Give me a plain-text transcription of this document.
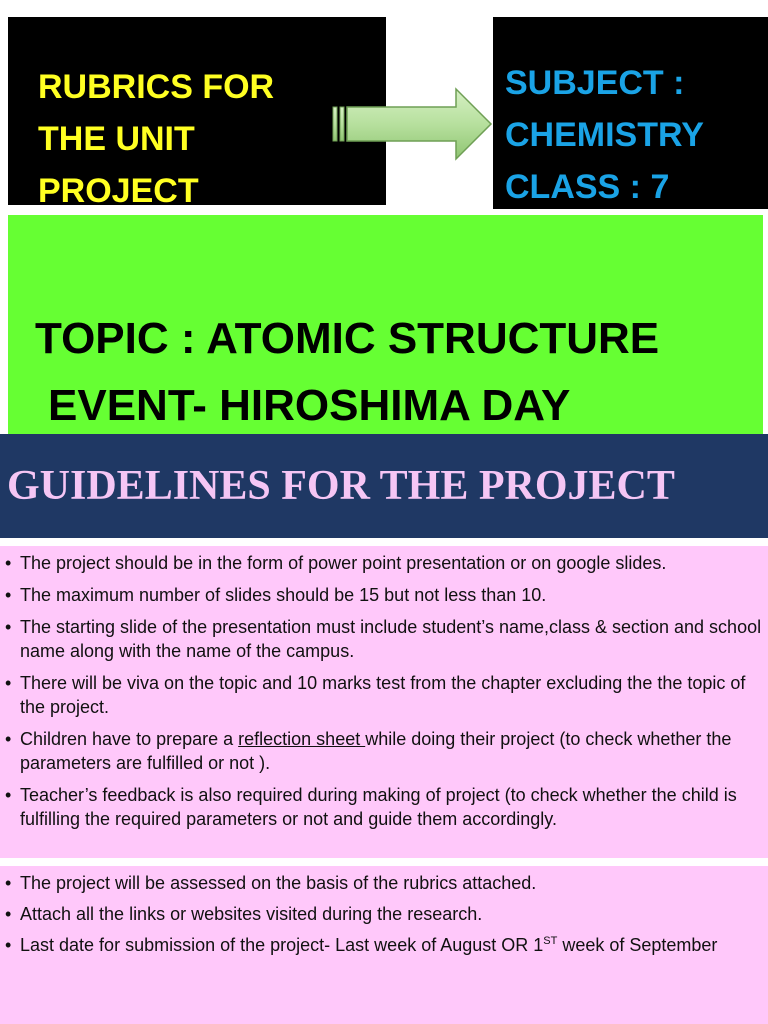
RUBRICS FOR
THE UNIT
PROJECT
SUBJECT :
CHEMISTRY
CLASS : 7
TOPIC : ATOMIC STRUCTURE
EVENT- HIROSHIMA DAY
GUIDELINES FOR THE PROJECT
• The project should be in the form of power point presentation or on google slides.
• The maximum number of slides should be 15 but not less than 10.
• The starting slide of the presentation must include student’s name,class & section and school name along with the name of the campus.
• There will be viva on the topic and 10 marks test from the chapter excluding the the topic of the project.
• Children have to prepare a reflection sheet while doing their project (to check whether the parameters are fulfilled or not ).
• Teacher’s feedback is also required during making of project (to check whether the child is fulfilling the required parameters or not and guide them accordingly.
• The project will be assessed on the basis of the rubrics attached.
• Attach all the links or websites visited during the research.
• Last date for submission of the project- Last week of August OR 1ST week of September
